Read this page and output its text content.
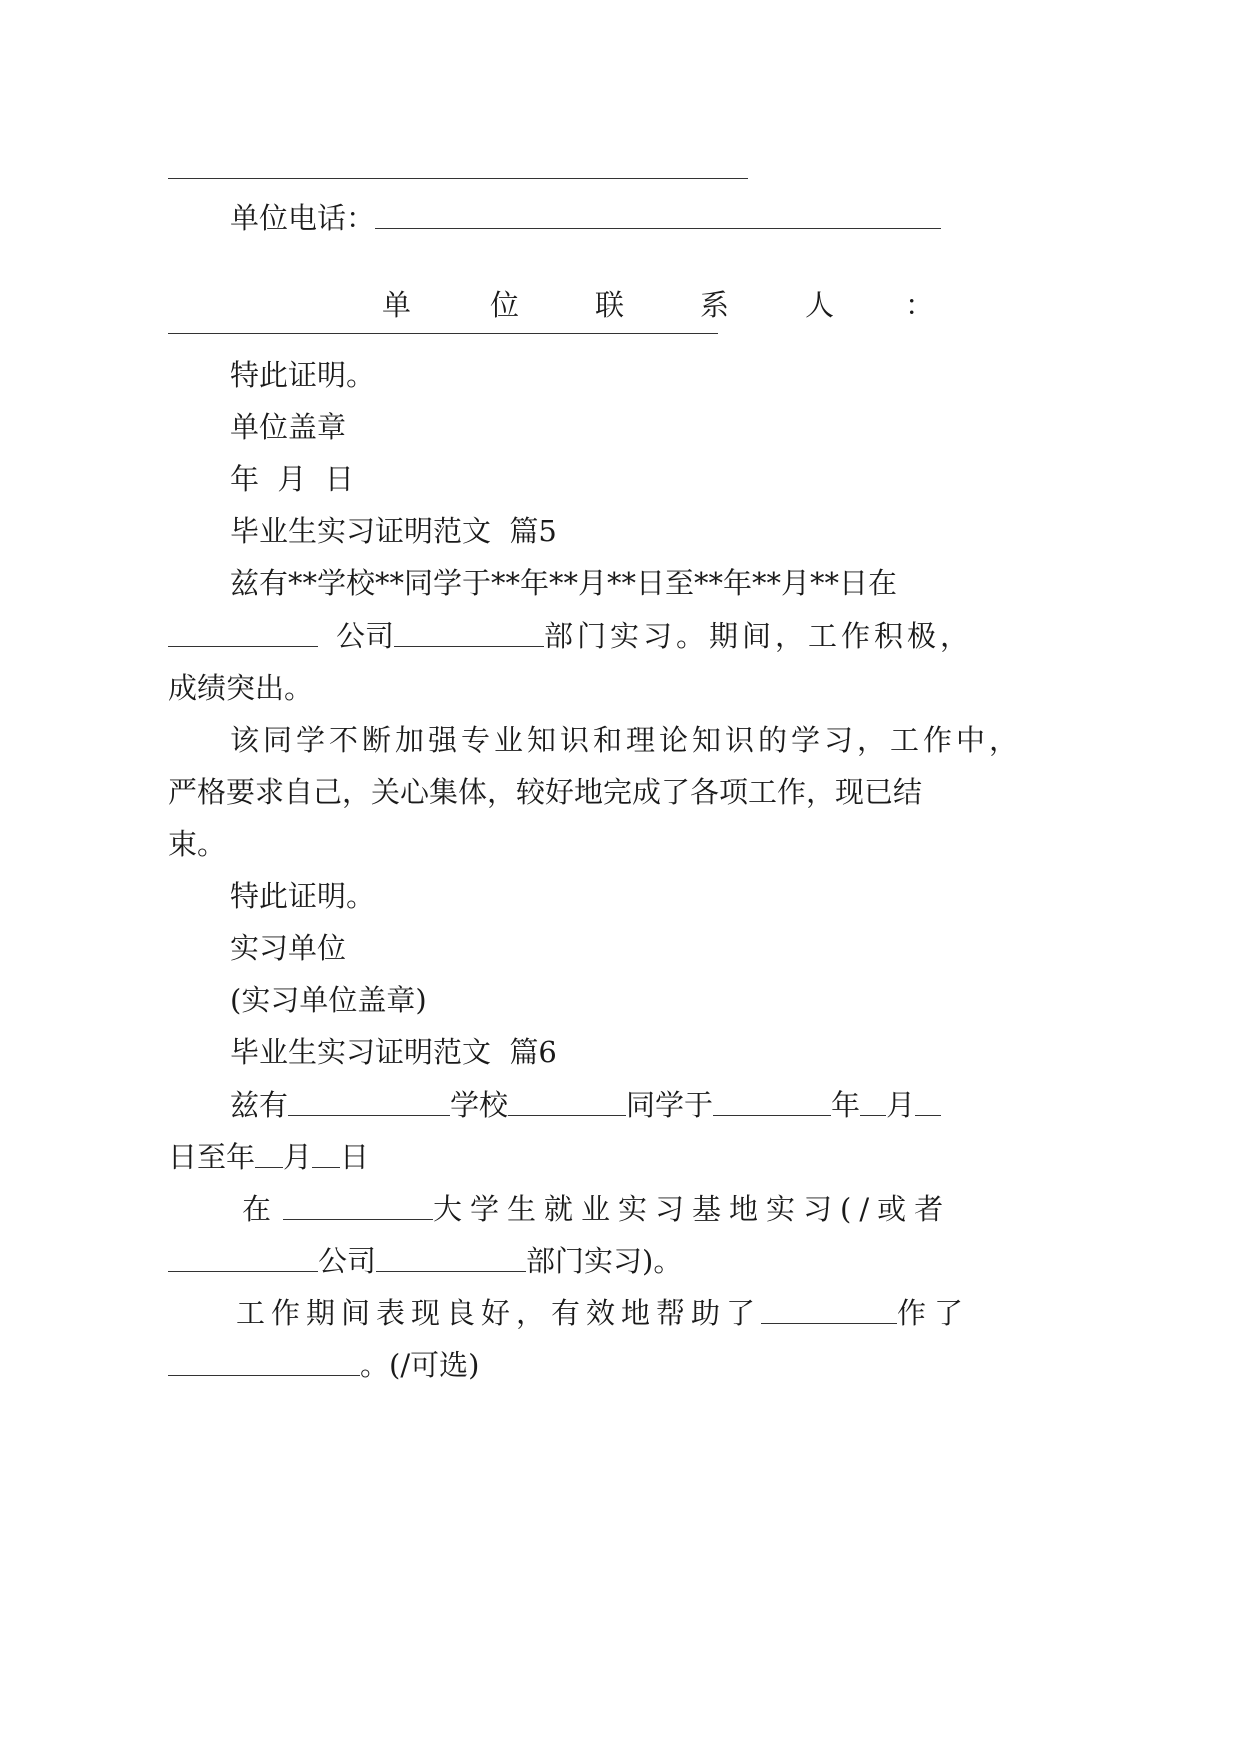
单位电话：
单	位	联	系	人 ：
特此证明。
单位盖章
年  月  日
毕业生实习证明范文  篇5
兹有**学校**同学于**年**月**日至**年**月**日在
公司	部门实习。期间，工作积极，
成绩突出。
该同学不断加强专业知识和理论知识的学习，工作中，
严格要求自己，关心集体，较好地完成了各项工作，现已结
束。
特此证明。
实习单位
(实习单位盖章)
毕业生实习证明范文  篇6
兹有	学校	同学于	年 月
日至年 月 日
在	大学生就业实习基地实习(/或者
公司	部门实习)。
工作期间表现良好，有效地帮助了	作了
。(/可选)
